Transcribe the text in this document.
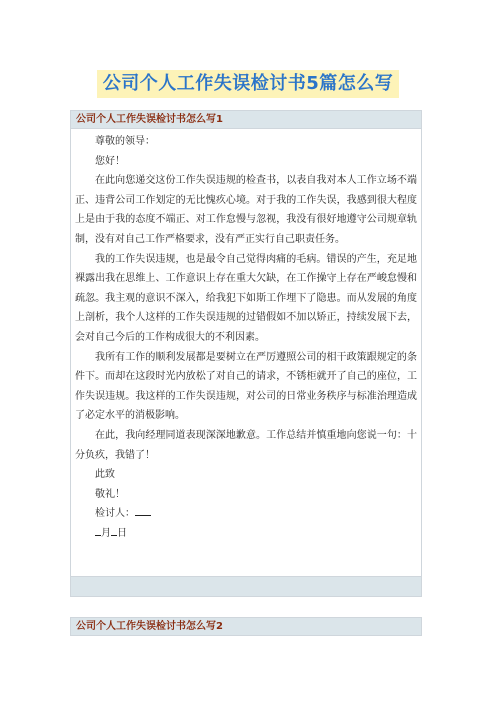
公司个人工作失误检讨书5篇怎么写
公司个人工作失误检讨书怎么写1

尊敬的领导：

您好！

在此向您递交这份工作失误违规的检查书，以表自我对本人工作立场不端正、违背公司工作划定的无比愧疚心境。对于我的工作失误，我感到很大程度上是由于我的态度不端正、对工作怠慢与忽视，我没有很好地遵守公司规章轨制，没有对自己工作严格要求，没有严正实行自己职责任务。

我的工作失误违规，也是最令自己觉得肉痛的毛病。错误的产生，充足地裸露出我在思维上、工作意识上存在重大欠缺，在工作操守上存在严峻怠慢和疏忽。我主观的意识不深入，给我犯下如斯工作埋下了隐患。而从发展的角度上剖析，我个人这样的工作失误违规的过错假如不加以矫正，持续发展下去，会对自己今后的工作构成很大的不利因素。

我所有工作的顺利发展都是要树立在严厉遵照公司的相干政策跟规定的条件下。而却在这段时光内放松了对自己的请求，不锈柜就开了自己的座位，工作失误违规。我这样的工作失误违规，对公司的日常业务秩序与标准治理造成了必定水平的消极影响。

在此，我向经理同道表现深深地歉意。工作总结并慎重地向您说一句：十分负疚，我错了！

此致

敬礼！

检讨人：

月 日

公司个人工作失误检讨书怎么写2
